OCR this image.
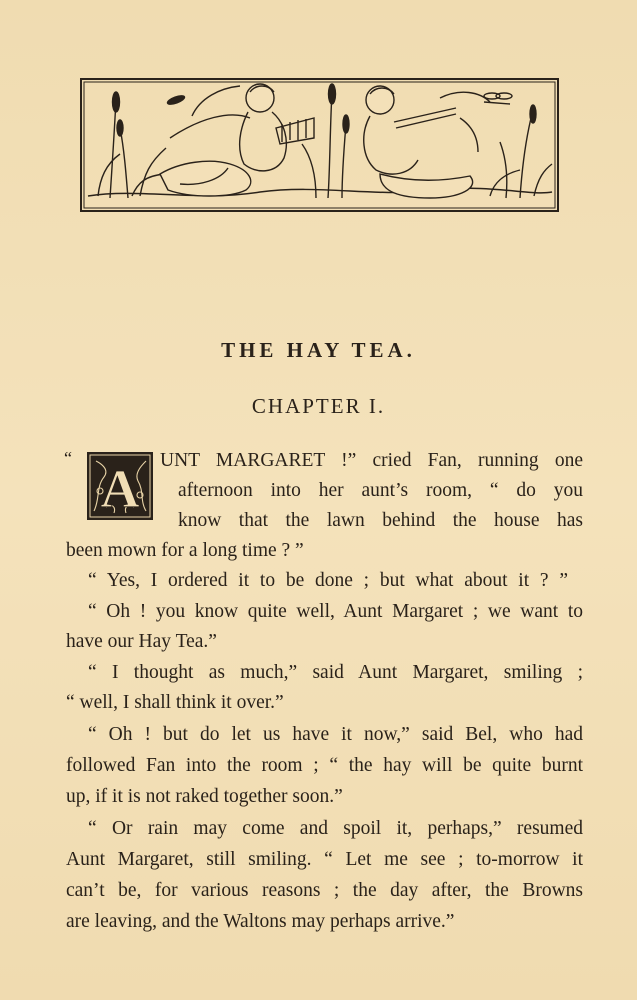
THE HAY TEA.
CHAPTER I.
“
A UNT MARGARET !” cried Fan, running one
afternoon into her aunt’s room, “ do you
know that the lawn behind the house has
been mown for a long time ? ”
“ Yes, I ordered it to be done ; but what about it ? ”
“ Oh ! you know quite well, Aunt Margaret ; we want to
have our Hay Tea.”
“ I thought as much,” said Aunt Margaret, smiling ;
“ well, I shall think it over.”
“ Oh ! but do let us have it now,” said Bel, who had
followed Fan into the room ; “ the hay will be quite burnt
up, if it is not raked together soon.”
“ Or rain may come and spoil it, perhaps,” resumed
Aunt Margaret, still smiling. “ Let me see ; to-morrow it
can’t be, for various reasons ; the day after, the Browns
are leaving, and the Waltons may perhaps arrive.”
